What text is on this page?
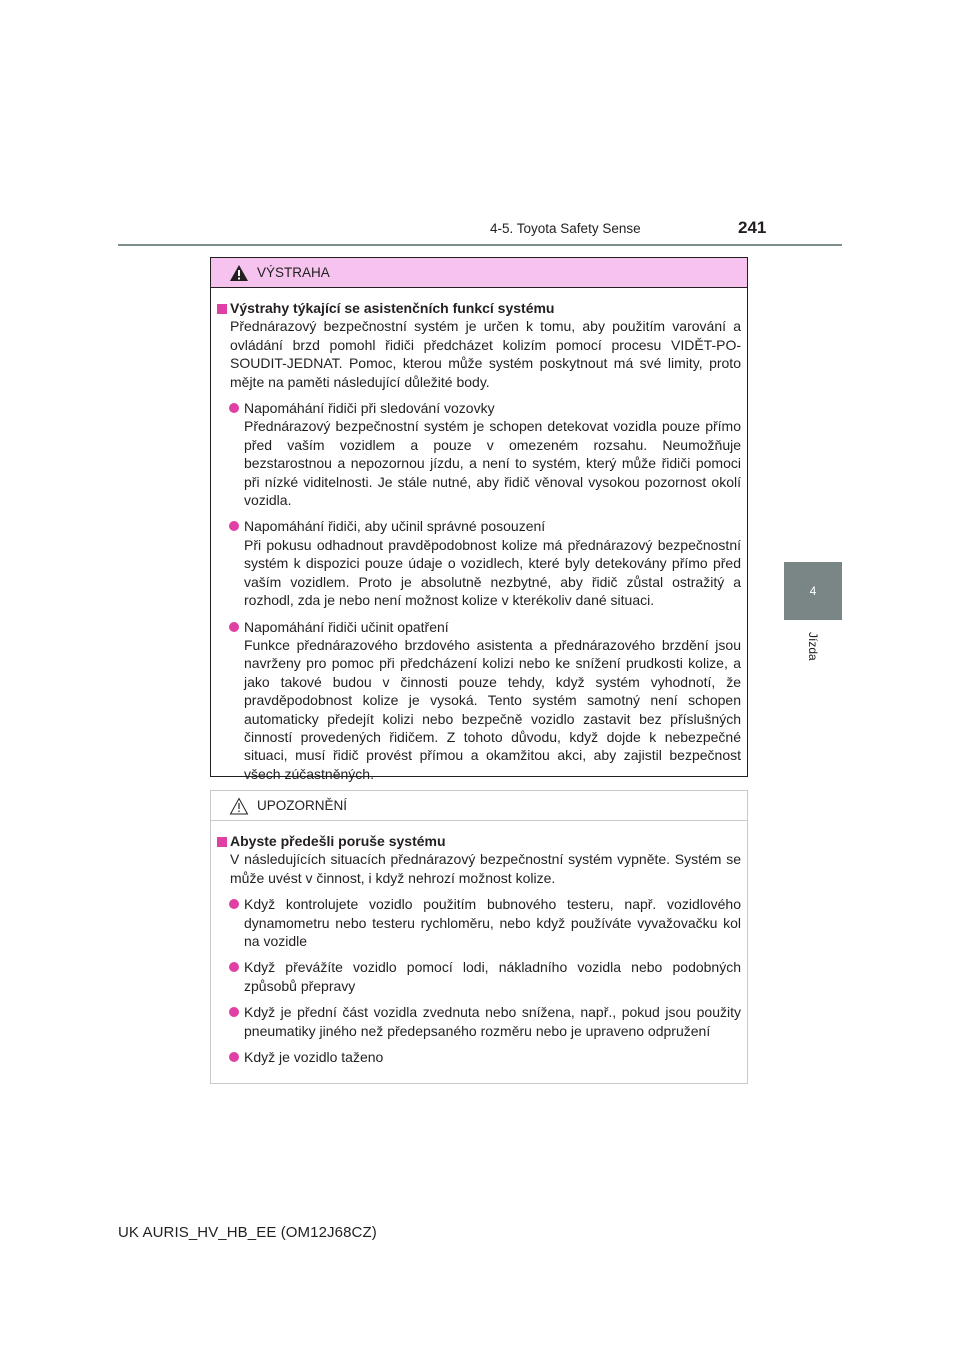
4-5. Toyota Safety Sense	241
4
Jízda
VÝSTRAHA
Výstrahy týkající se asistenčních funkcí systému
Přednárazový bezpečnostní systém je určen k tomu, aby použitím varování a ovládání brzd pomohl řidiči předcházet kolizím pomocí procesu VIDĚT-PO-SOUDIT-JEDNAT. Pomoc, kterou může systém poskytnout má své limity, proto mějte na paměti následující důležité body.
Napomáhání řidiči při sledování vozovky
Přednárazový bezpečnostní systém je schopen detekovat vozidla pouze přímo před vaším vozidlem a pouze v omezeném rozsahu. Neumožňuje bezstarostnou a nepozornou jízdu, a není to systém, který může řidiči pomoci při nízké viditelnosti. Je stále nutné, aby řidič věnoval vysokou pozornost okolí vozidla.
Napomáhání řidiči, aby učinil správné posouzení
Při pokusu odhadnout pravděpodobnost kolize má přednárazový bezpečnostní systém k dispozici pouze údaje o vozidlech, které byly detekovány přímo před vaším vozidlem. Proto je absolutně nezbytné, aby řidič zůstal ostražitý a rozhodl, zda je nebo není možnost kolize v kterékoliv dané situaci.
Napomáhání řidiči učinit opatření
Funkce přednárazového brzdového asistenta a přednárazového brzdění jsou navrženy pro pomoc při předcházení kolizi nebo ke snížení prudkosti kolize, a jako takové budou v činnosti pouze tehdy, když systém vyhodnotí, že pravděpodobnost kolize je vysoká. Tento systém samotný není schopen automaticky předejít kolizi nebo bezpečně vozidlo zastavit bez příslušných činností provedených řidičem. Z tohoto důvodu, když dojde k nebezpečné situaci, musí řidič provést přímou a okamžitou akci, aby zajistil bezpečnost všech zúčastněných.
UPOZORNĚNÍ
Abyste předešli poruše systému
V následujících situacích přednárazový bezpečnostní systém vypněte. Systém se může uvést v činnost, i když nehrozí možnost kolize.
Když kontrolujete vozidlo použitím bubnového testeru, např. vozidlového dynamometru nebo testeru rychloměru, nebo když používáte vyvažovačku kol na vozidle
Když převážíte vozidlo pomocí lodi, nákladního vozidla nebo podobných způsobů přepravy
Když je přední část vozidla zvednuta nebo snížena, např., pokud jsou použity pneumatiky jiného než předepsaného rozměru nebo je upraveno odpružení
Když je vozidlo taženo
UK AURIS_HV_HB_EE (OM12J68CZ)
